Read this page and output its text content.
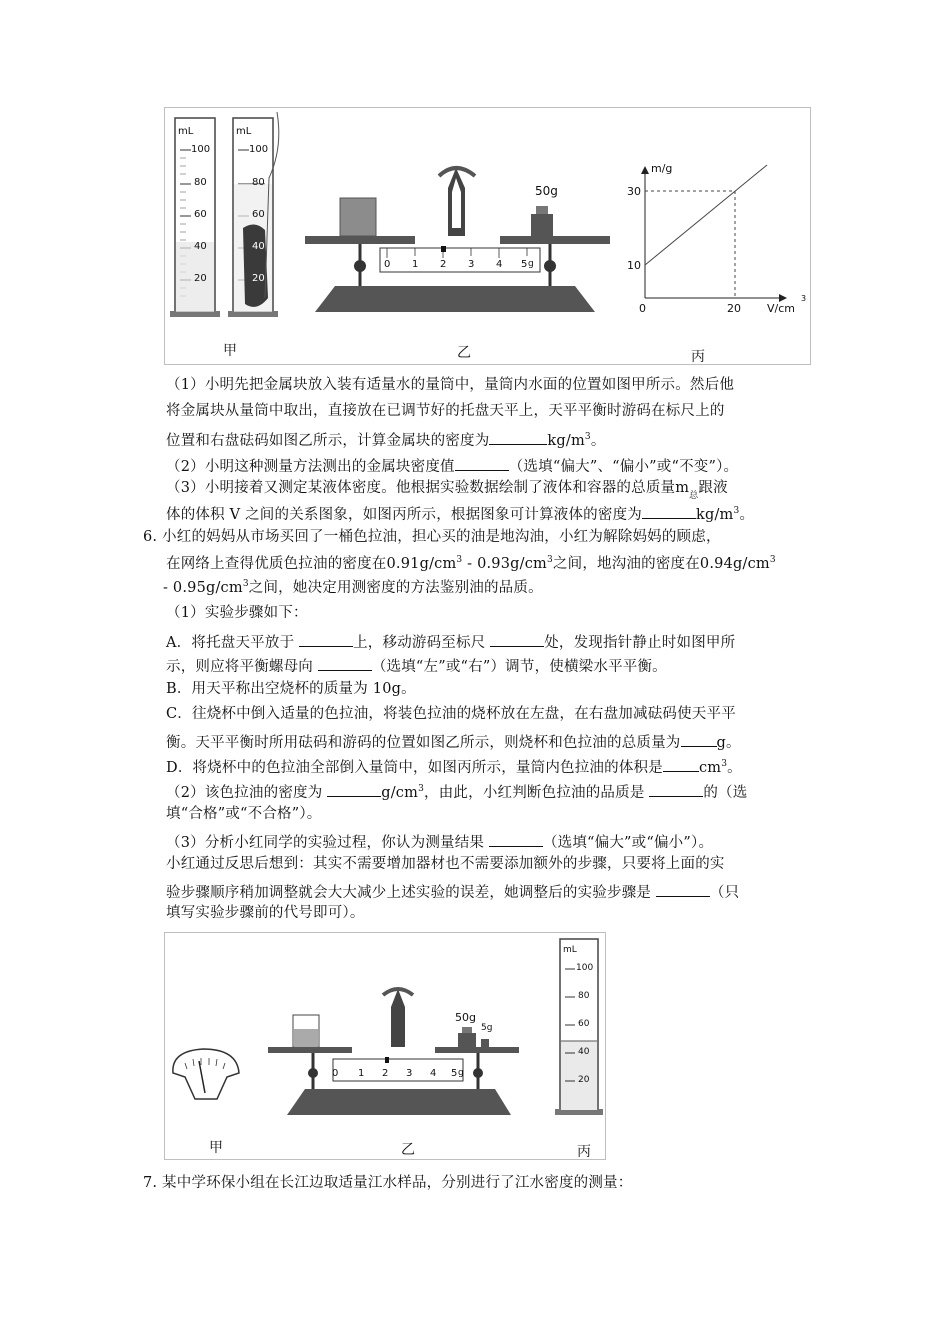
mL
100
80
60
40
20
mL
100
80
60
40
20
50g
0 1 2 3 4 5 g
m/g
30
10
0	20 V/cm
3
甲	乙	丙
（1）小明先把金属块放入装有适量水的量筒中，量筒内水面的位置如图甲所示。然后他
将金属块从量筒中取出，直接放在已调节好的托盘天平上，天平平衡时游码在标尺上的
位置和右盘砝码如图乙所示，计算金属块的密度为	$kg/m^3$。
（2）小明这种测量方法测出的金属块密度值	（选填“偏大”、“偏小”或“不变”）。
（3）小明接着又测定某液体密度。他根据实验数据绘制了液体和容器的总质量$m_总$跟液
体的体积 V 之间的关系图象，如图丙所示，根据图象可计算液体的密度为	$kg/m^3$。
6. 小红的妈妈从市场买回了一桶色拉油，担心买的油是地沟油，小红为解除妈妈的顾虑，
在网络上查得优质色拉油的密度在$0.91g/cm^3 - 0.93g/cm^3$之间，地沟油的密度在$0.94g/cm^3$
- $0.95g/cm^3$之间，她决定用测密度的方法鉴别油的品质。
（1）实验步骤如下：
A．将托盘天平放于	上，移动游码至标尺	处，发现指针静止时如图甲所
示，则应将平衡螺母向	（选填“左”或“右”）调节，使横梁水平平衡。
B．用天平称出空烧杯的质量为 10g。
C．往烧杯中倒入适量的色拉油，将装色拉油的烧杯放在左盘，在右盘加减砝码使天平平
衡。天平平衡时所用砝码和游码的位置如图乙所示，则烧杯和色拉油的总质量为 g。
D．将烧杯中的色拉油全部倒入量筒中，如图丙所示，量筒内色拉油的体积是 $cm^3$。
（2）该色拉油的密度为	$g/cm^3$，由此，小红判断色拉油的品质是	的（选
填“合格”或“不合格”）。
（3）分析小红同学的实验过程，你认为测量结果	（选填“偏大”或“偏小”）。
小红通过反思后想到：其实不需要增加器材也不需要添加额外的步骤，只要将上面的实
验步骤顺序稍加调整就会大大减少上述实验的误差，她调整后的实验步骤是	（只
填写实验步骤前的代号即可）。
50g
5g
0 1 2 3 4 5 g
mL
100
80
60
40
20
甲	乙	丙
7. 某中学环保小组在长江边取适量江水样品，分别进行了江水密度的测量：
